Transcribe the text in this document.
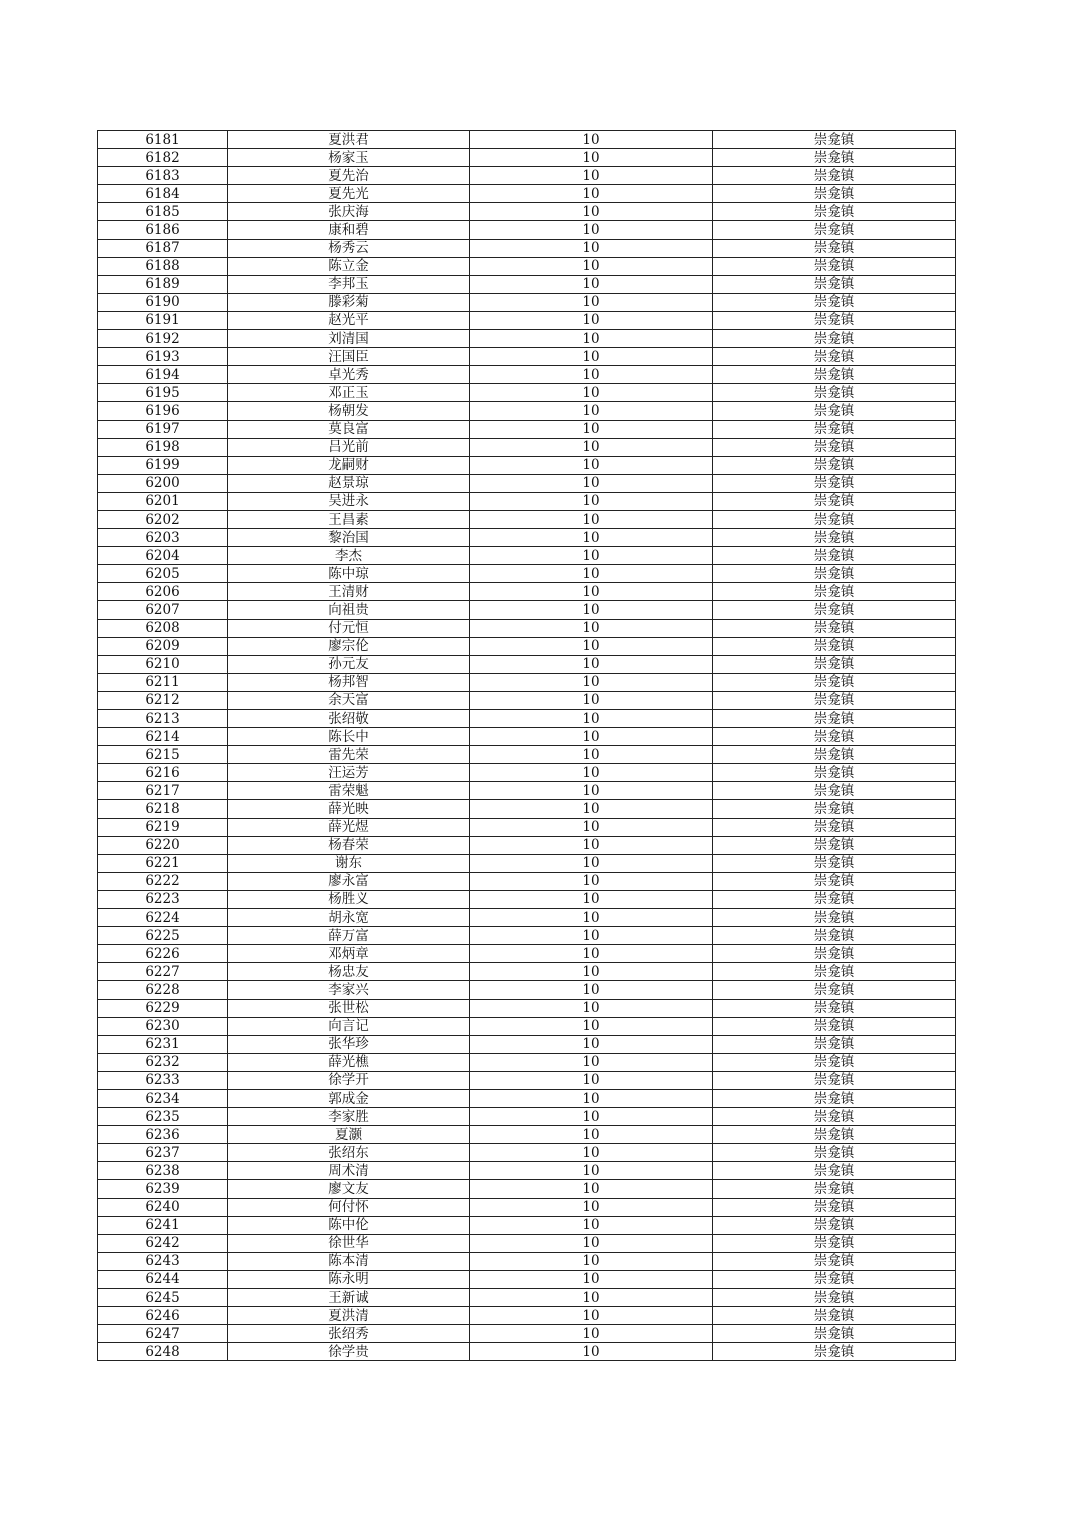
6181	夏洪君	10	崇龛镇
6182	杨家玉	10	崇龛镇
6183	夏先治	10	崇龛镇
6184	夏先光	10	崇龛镇
6185	张庆海	10	崇龛镇
6186	康和碧	10	崇龛镇
6187	杨秀云	10	崇龛镇
6188	陈立金	10	崇龛镇
6189	李邦玉	10	崇龛镇
6190	滕彩菊	10	崇龛镇
6191	赵光平	10	崇龛镇
6192	刘清国	10	崇龛镇
6193	汪国臣	10	崇龛镇
6194	卓光秀	10	崇龛镇
6195	邓正玉	10	崇龛镇
6196	杨朝发	10	崇龛镇
6197	莫良富	10	崇龛镇
6198	吕光前	10	崇龛镇
6199	龙嗣财	10	崇龛镇
6200	赵景琼	10	崇龛镇
6201	吴进永	10	崇龛镇
6202	王昌素	10	崇龛镇
6203	黎治国	10	崇龛镇
6204	李杰	10	崇龛镇
6205	陈中琼	10	崇龛镇
6206	王清财	10	崇龛镇
6207	向祖贵	10	崇龛镇
6208	付元恒	10	崇龛镇
6209	廖宗伦	10	崇龛镇
6210	孙元友	10	崇龛镇
6211	杨邦智	10	崇龛镇
6212	余天富	10	崇龛镇
6213	张绍敬	10	崇龛镇
6214	陈长中	10	崇龛镇
6215	雷先荣	10	崇龛镇
6216	汪运芳	10	崇龛镇
6217	雷荣魁	10	崇龛镇
6218	薛光映	10	崇龛镇
6219	薛光煜	10	崇龛镇
6220	杨春荣	10	崇龛镇
6221	谢东	10	崇龛镇
6222	廖永富	10	崇龛镇
6223	杨胜义	10	崇龛镇
6224	胡永宽	10	崇龛镇
6225	薛万富	10	崇龛镇
6226	邓炳章	10	崇龛镇
6227	杨忠友	10	崇龛镇
6228	李家兴	10	崇龛镇
6229	张世松	10	崇龛镇
6230	向言记	10	崇龛镇
6231	张华珍	10	崇龛镇
6232	薛光樵	10	崇龛镇
6233	徐学开	10	崇龛镇
6234	郭成金	10	崇龛镇
6235	李家胜	10	崇龛镇
6236	夏灏	10	崇龛镇
6237	张绍东	10	崇龛镇
6238	周术清	10	崇龛镇
6239	廖文友	10	崇龛镇
6240	何付怀	10	崇龛镇
6241	陈中伦	10	崇龛镇
6242	徐世华	10	崇龛镇
6243	陈本清	10	崇龛镇
6244	陈永明	10	崇龛镇
6245	王新诚	10	崇龛镇
6246	夏洪清	10	崇龛镇
6247	张绍秀	10	崇龛镇
6248	徐学贵	10	崇龛镇
